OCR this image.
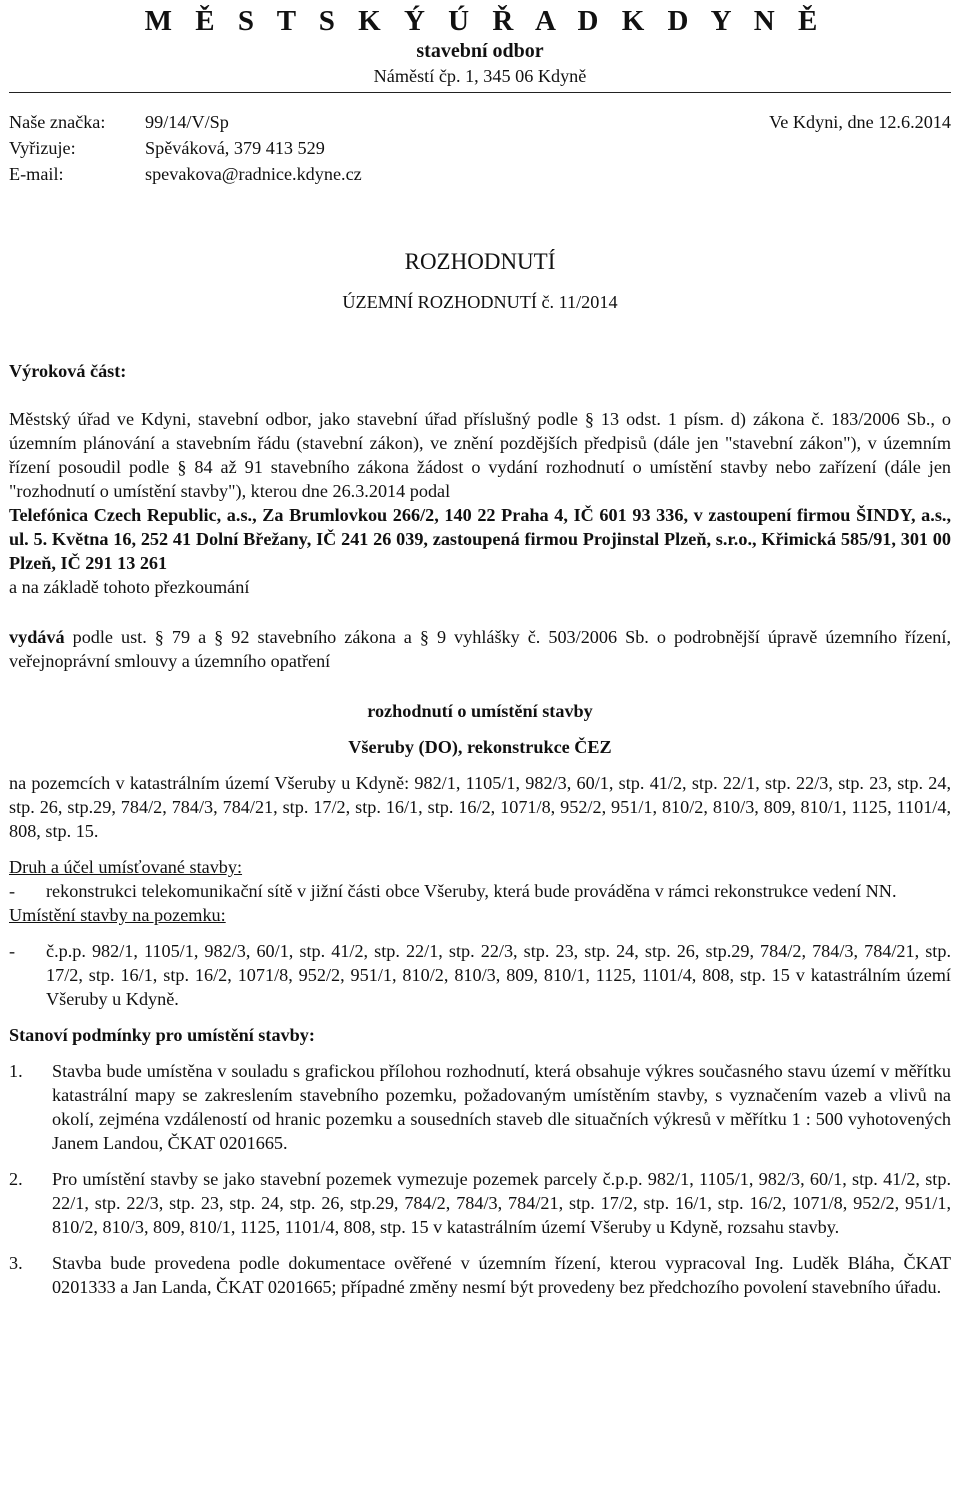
M Ě S T S K Ý Ú Ř A D K D Y N Ě
stavební odbor
Náměstí čp. 1, 345 06 Kdyně
Naše značka:	99/14/V/Sp
Vyřizuje:	Spěváková, 379 413 529
E-mail:	spevakova@radnice.kdyne.cz
Ve Kdyni, dne 12.6.2014
ROZHODNUTÍ
ÚZEMNÍ ROZHODNUTÍ č. 11/2014

Výroková část:

Městský úřad ve Kdyni, stavební odbor, jako stavební úřad příslušný podle § 13 odst. 1 písm. d) zákona č. 183/2006 Sb., o územním plánování a stavebním řádu (stavební zákon), ve znění pozdějších předpisů (dále jen "stavební zákon"), v územním řízení posoudil podle § 84 až 91 stavebního zákona žádost o vydání rozhodnutí o umístění stavby nebo zařízení (dále jen "rozhodnutí o umístění stavby"), kterou dne 26.3.2014 podal

Telefónica Czech Republic, a.s., Za Brumlovkou 266/2, 140 22 Praha 4, IČ 601 93 336, v zastoupení firmou ŠINDY, a.s., ul. 5. Května 16, 252 41 Dolní Břežany, IČ 241 26 039, zastoupená firmou Projinstal Plzeň, s.r.o., Křimická 585/91, 301 00 Plzeň, IČ 291 13 261

a na základě tohoto přezkoumání

vydává podle ust. § 79 a § 92 stavebního zákona a § 9 vyhlášky č. 503/2006 Sb. o podrobnější úpravě územního řízení, veřejnoprávní smlouvy a územního opatření

rozhodnutí o umístění stavby

Všeruby (DO), rekonstrukce ČEZ

na pozemcích v katastrálním území Všeruby u Kdyně: 982/1, 1105/1, 982/3, 60/1, stp. 41/2, stp. 22/1, stp. 22/3, stp. 23, stp. 24, stp. 26, stp.29, 784/2, 784/3, 784/21, stp. 17/2, stp. 16/1, stp. 16/2, 1071/8, 952/2, 951/1, 810/2, 810/3, 809, 810/1, 1125, 1101/4, 808, stp. 15.

Druh a účel umísťované stavby:

-	rekonstrukci telekomunikační sítě v jižní části obce Všeruby, která bude prováděna v rámci rekonstrukce vedení NN.

Umístění stavby na pozemku:

-	č.p.p. 982/1, 1105/1, 982/3, 60/1, stp. 41/2, stp. 22/1, stp. 22/3, stp. 23, stp. 24, stp. 26, stp.29, 784/2, 784/3, 784/21, stp. 17/2, stp. 16/1, stp. 16/2, 1071/8, 952/2, 951/1, 810/2, 810/3, 809, 810/1, 1125, 1101/4, 808, stp. 15 v katastrálním území Všeruby u Kdyně.

Stanoví podmínky pro umístění stavby:

1.	Stavba bude umístěna v souladu s grafickou přílohou rozhodnutí, která obsahuje výkres současného stavu území v měřítku katastrální mapy se zakreslením stavebního pozemku, požadovaným umístěním stavby, s vyznačením vazeb a vlivů na okolí, zejména vzdáleností od hranic pozemku a sousedních staveb dle situačních výkresů v měřítku 1 : 500 vyhotovených Janem Landou, ČKAT 0201665.
2.	Pro umístění stavby se jako stavební pozemek vymezuje pozemek parcely č.p.p. 982/1, 1105/1, 982/3, 60/1, stp. 41/2, stp. 22/1, stp. 22/3, stp. 23, stp. 24, stp. 26, stp.29, 784/2, 784/3, 784/21, stp. 17/2, stp. 16/1, stp. 16/2, 1071/8, 952/2, 951/1, 810/2, 810/3, 809, 810/1, 1125, 1101/4, 808, stp. 15 v katastrálním území Všeruby u Kdyně, rozsahu stavby.
3.	Stavba bude provedena podle dokumentace ověřené v územním řízení, kterou vypracoval Ing. Luděk Bláha, ČKAT 0201333 a Jan Landa, ČKAT 0201665; případné změny nesmí být provedeny bez předchozího povolení stavebního úřadu.
